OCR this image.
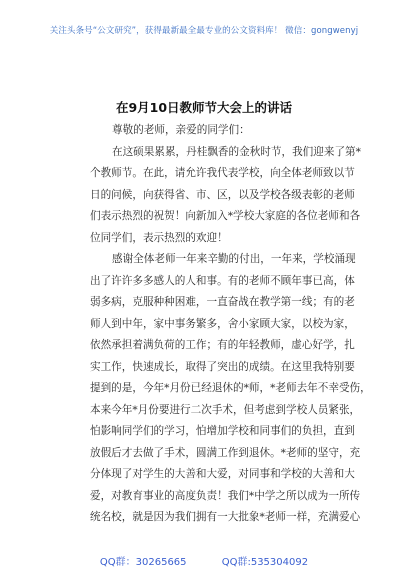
关注头条号“公文研究”，获得最新最全最专业的公文资料库！ 微信：gongwenyj
在9月10日教师节大会上的讲话
尊敬的老师，亲爱的同学们：
在这硕果累累，丹桂飘香的金秋时节，我们迎来了第*
个教师节。在此，请允许我代表学校，向全体老师致以节
日的问候，向获得省、市、区，以及学校各级表彰的老师
们表示热烈的祝贺！向新加入*学校大家庭的各位老师和各
位同学们，表示热烈的欢迎！
感谢全体老师一年来辛勤的付出，一年来，学校涌现
出了许许多多感人的人和事。有的老师不顾年事已高，体
弱多病，克服种种困难，一直奋战在教学第一线；有的老
师人到中年，家中事务繁多，舍小家顾大家，以校为家，
依然承担着满负荷的工作；有的年轻教师，虚心好学，扎
实工作，快速成长，取得了突出的成绩。在这里我特别要
提到的是，今年*月份已经退休的*师，*老师去年不幸受伤，
本来今年*月份要进行二次手术，但考虑到学校人员紧张，
怕影响同学们的学习，怕增加学校和同事们的负担，直到
放假后才去做了手术，圆满工作到退休。*老师的坚守，充
分体现了对学生的大善和大爱，对同事和学校的大善和大
爱，对教育事业的高度负责！我们*中学之所以成为一所传
统名校，就是因为我们拥有一大批象*老师一样，充满爱心
QQ群：30265665	QQ群:535304092
